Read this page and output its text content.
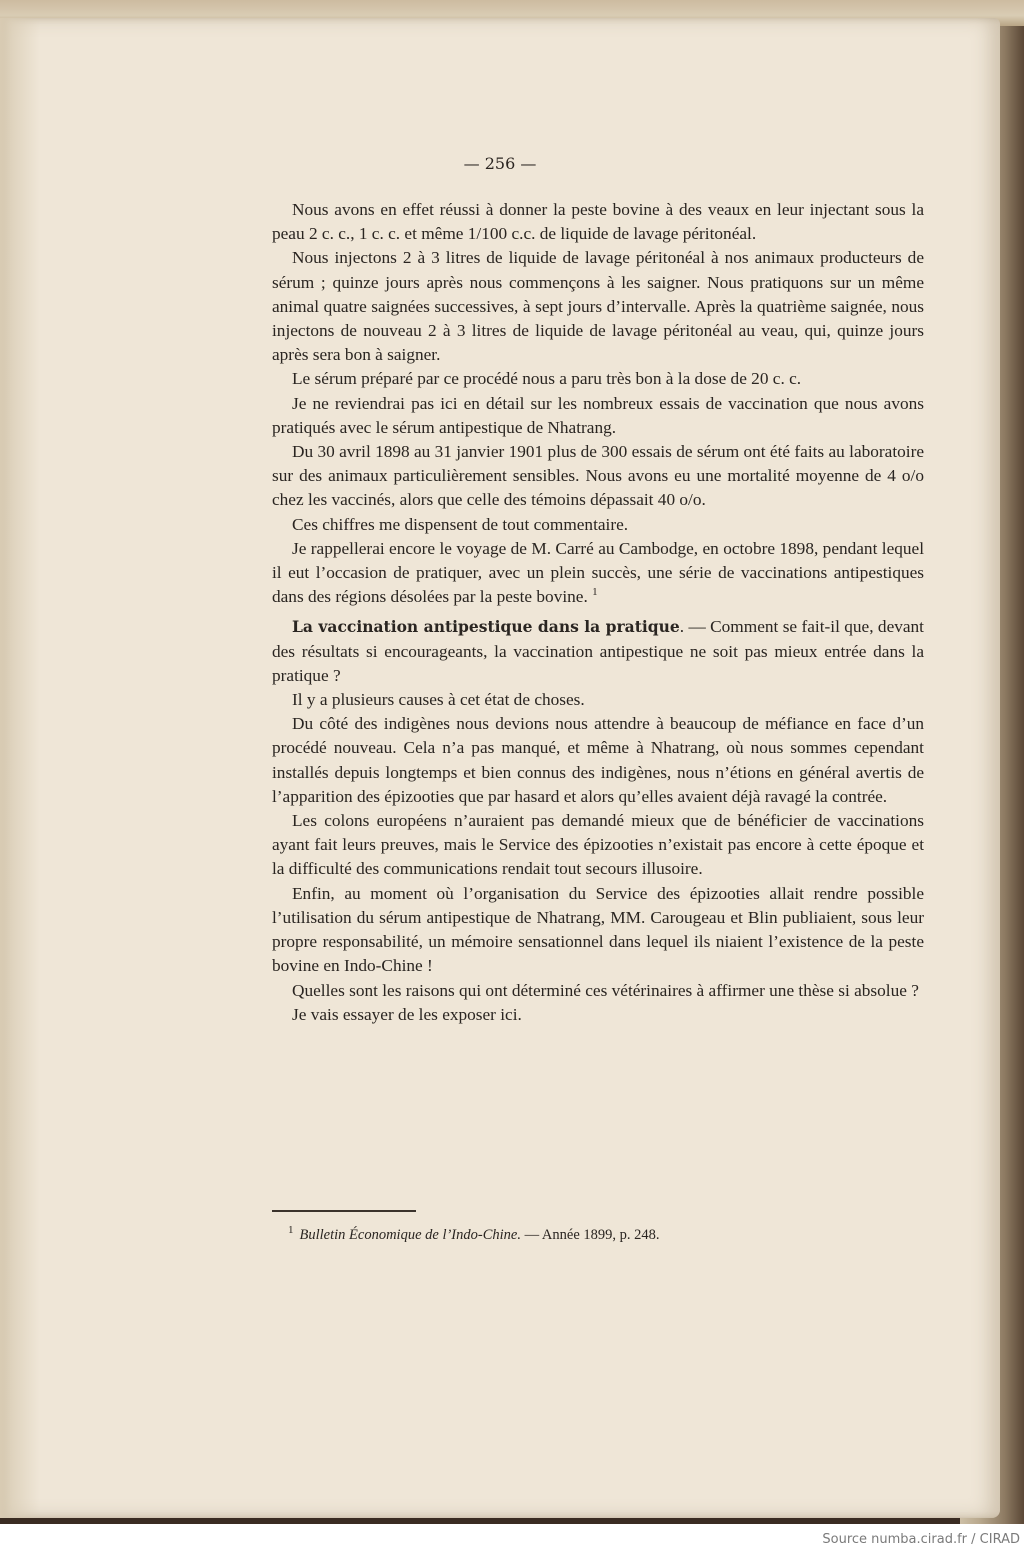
— 256 —

Nous avons en effet réussi à donner la peste bovine à des veaux en leur injectant sous la peau 2 c. c., 1 c. c. et même 1/100 c.c. de liquide de lavage péritonéal.

Nous injectons 2 à 3 litres de liquide de lavage péritonéal à nos animaux producteurs de sérum ; quinze jours après nous commençons à les saigner. Nous pratiquons sur un même animal quatre saignées successives, à sept jours d’intervalle. Après la quatrième saignée, nous injectons de nouveau 2 à 3 litres de liquide de lavage péritonéal au veau, qui, quinze jours après sera bon à saigner.

Le sérum préparé par ce procédé nous a paru très bon à la dose de 20 c. c.

Je ne reviendrai pas ici en détail sur les nombreux essais de vaccination que nous avons pratiqués avec le sérum antipestique de Nhatrang.

Du 30 avril 1898 au 31 janvier 1901 plus de 300 essais de sérum ont été faits au laboratoire sur des animaux particulièrement sensibles. Nous avons eu une mortalité moyenne de 4 o/o chez les vaccinés, alors que celle des témoins dépassait 40 o/o.

Ces chiffres me dispensent de tout commentaire.

Je rappellerai encore le voyage de M. Carré au Cambodge, en octobre 1898, pendant lequel il eut l’occasion de pratiquer, avec un plein succès, une série de vaccinations antipestiques dans des régions désolées par la peste bovine. $^1$

La vaccination antipestique dans la pratique. — Comment se fait-il que, devant des résultats si encourageants, la vaccination antipestique ne soit pas mieux entrée dans la pratique ?

Il y a plusieurs causes à cet état de choses.

Du côté des indigènes nous devions nous attendre à beaucoup de méfiance en face d’un procédé nouveau. Cela n’a pas manqué, et même à Nhatrang, où nous sommes cependant installés depuis longtemps et bien connus des indigènes, nous n’étions en général avertis de l’apparition des épizooties que par hasard et alors qu’elles avaient déjà ravagé la contrée.

Les colons européens n’auraient pas demandé mieux que de bénéficier de vaccinations ayant fait leurs preuves, mais le Service des épizooties n’existait pas encore à cette époque et la difficulté des communications rendait tout secours illusoire.

Enfin, au moment où l’organisation du Service des épizooties allait rendre possible l’utilisation du sérum antipestique de Nhatrang, MM. Carougeau et Blin publiaient, sous leur propre responsabilité, un mémoire sensationnel dans lequel ils niaient l’existence de la peste bovine en Indo-Chine !

Quelles sont les raisons qui ont déterminé ces vétérinaires à affirmer une thèse si absolue ?

Je vais essayer de les exposer ici.

$^1$ Bulletin Économique de l’Indo-Chine. — Année 1899, p. 248.
Source numba.cirad.fr / CIRAD
